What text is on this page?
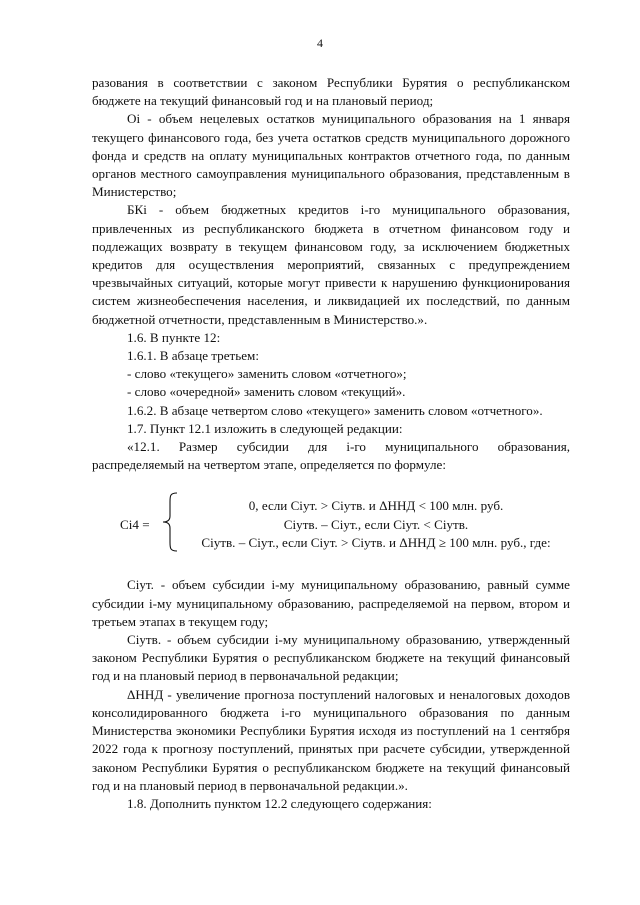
4

разования в соответствии с законом Республики Бурятия о республиканском бюджете на текущий финансовый год и на плановый период;

Оi - объем нецелевых остатков муниципального образования на 1 января текущего финансового года, без учета остатков средств муниципального дорожного фонда и средств на оплату муниципальных контрактов отчетного года, по данным органов местного самоуправления муниципального образования, представленным в Министерство;

БКi - объем бюджетных кредитов i-го муниципального образования, привлеченных из республиканского бюджета в отчетном финансовом году и подлежащих возврату в текущем финансовом году, за исключением бюджетных кредитов для осуществления мероприятий, связанных с предупреждением чрезвычайных ситуаций, которые могут привести к нарушению функционирования систем жизнеобеспечения населения, и ликвидацией их последствий, по данным бюджетной отчетности, представленным в Министерство.».

1.6. В пункте 12:

1.6.1. В абзаце третьем:

- слово «текущего» заменить словом «отчетного»;

- слово «очередной» заменить словом «текущий».

1.6.2. В абзаце четвертом слово «текущего» заменить словом «отчетного».

1.7. Пункт 12.1 изложить в следующей редакции:

«12.1. Размер субсидии для i-го муниципального образования, распределяемый на четвертом этапе, определяется по формуле:

Ci4 =
0, если Ciут. > Ciутв. и ΔННД < 100 млн. руб.
Ciутв. – Ciут., если Ciут. < Ciутв.
Ciутв. – Ciут., если Ciут. > Ciутв. и ΔННД ≥ 100 млн. руб., где:

Ciут. - объем субсидии i-му муниципальному образованию, равный сумме субсидии i-му муниципальному образованию, распределяемой на первом, втором и третьем этапах в текущем году;

Ciутв. - объем субсидии i-му муниципальному образованию, утвержденный законом Республики Бурятия о республиканском бюджете на текущий финансовый год и на плановый период в первоначальной редакции;

ΔННД - увеличение прогноза поступлений налоговых и неналоговых доходов консолидированного бюджета i-го муниципального образования по данным Министерства экономики Республики Бурятия исходя из поступлений на 1 сентября 2022 года к прогнозу поступлений, принятых при расчете субсидии, утвержденной законом Республики Бурятия о республиканском бюджете на текущий финансовый год и на плановый период в первоначальной редакции.».

1.8. Дополнить пунктом 12.2 следующего содержания:
